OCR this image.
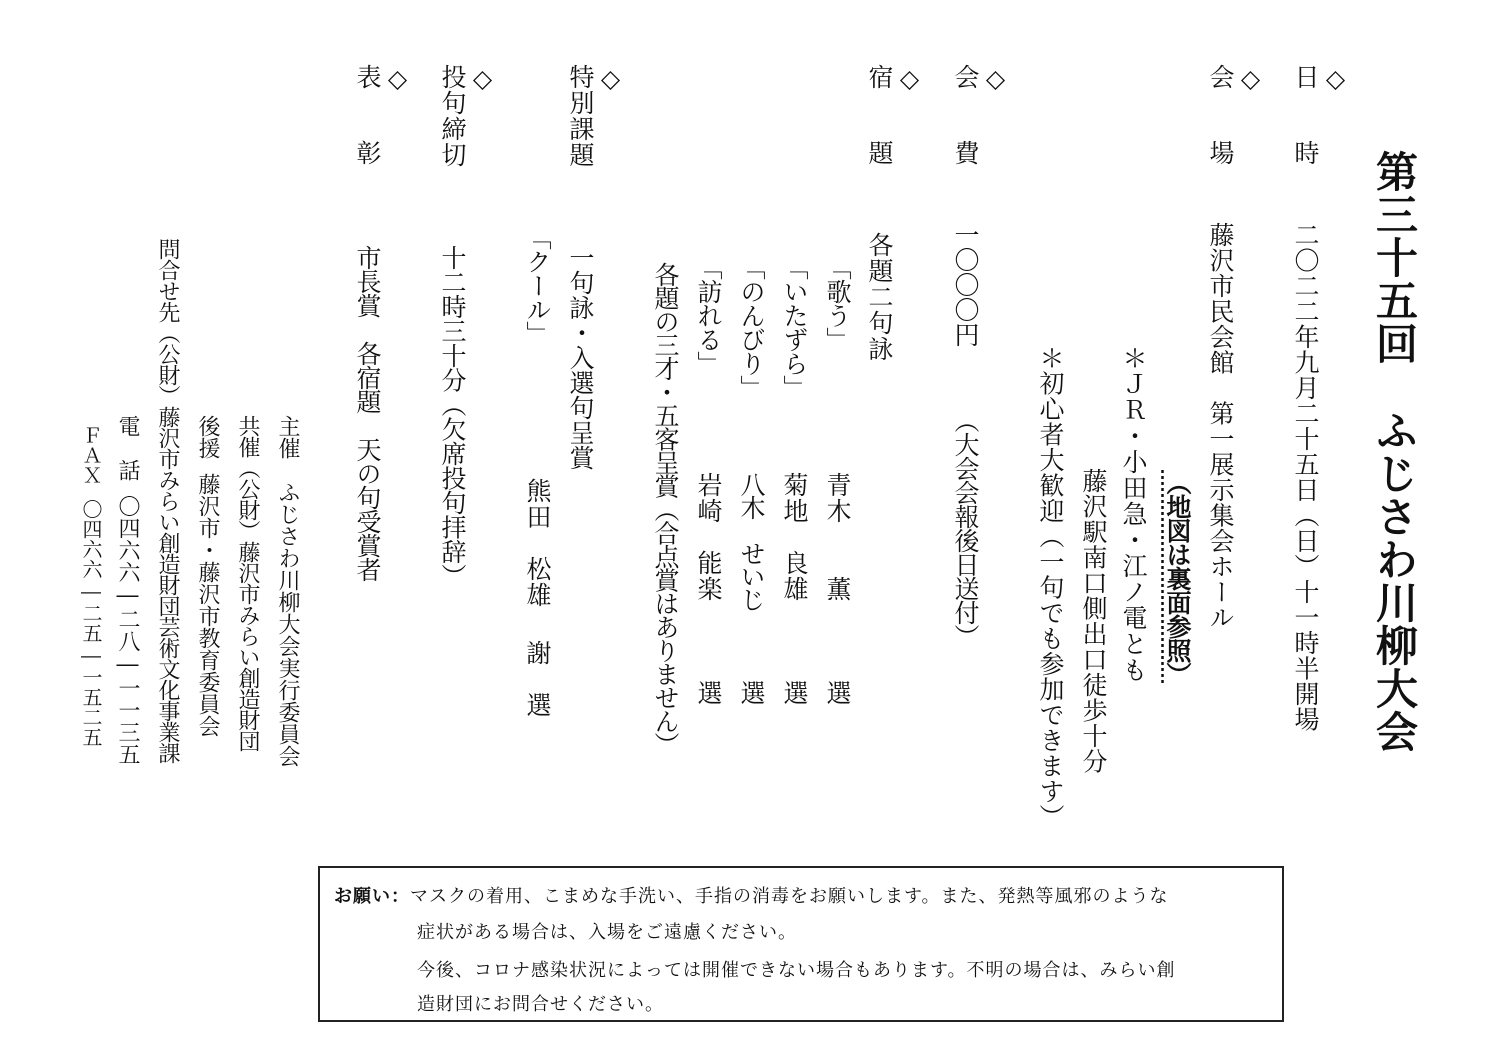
第三十五回ふじさわ川柳大会
◇
日時
二〇二二年九月二十五日（日）十一時半開場
◇
会場
藤沢市民会館　第一展示集会ホール
（地図は裏面参照）
＊ＪＲ・小田急・江ノ電とも
藤沢駅南口側出口徒歩十分
＊初心者大歓迎（一句でも参加できます）
◇
会費
一〇〇〇円
（大会会報後日送付）
◇
宿題
各題二句詠
「歌う」
青木　　薫
選
「いたずら」
菊地　良雄
選
「のんびり」
八木　せいじ
選
「訪れる」
岩崎　能楽
選
各題の三才・五客呈賞（合点賞はありません）
◇
特別課題
一句詠・入選句呈賞
「クール」
熊田　松雄
謝　選
◇
投句締切
十二時三十分（欠席投句拝辞）
◇
表彰
市長賞　各宿題　天の句受賞者
主催ふじさわ川柳大会実行委員会
共催（公財）藤沢市みらい創造財団
後援藤沢市・藤沢市教育委員会
問合せ先（公財）藤沢市みらい創造財団芸術文化事業課
電　話〇四六六―二八―一一三五
ＦＡＸ〇四六六―二五―一五二五
お願い：マスクの着用、こまめな手洗い、手指の消毒をお願いします。また、発熱等風邪のような
症状がある場合は、入場をご遠慮ください。
今後、コロナ感染状況によっては開催できない場合もあります。不明の場合は、みらい創
造財団にお問合せください。
